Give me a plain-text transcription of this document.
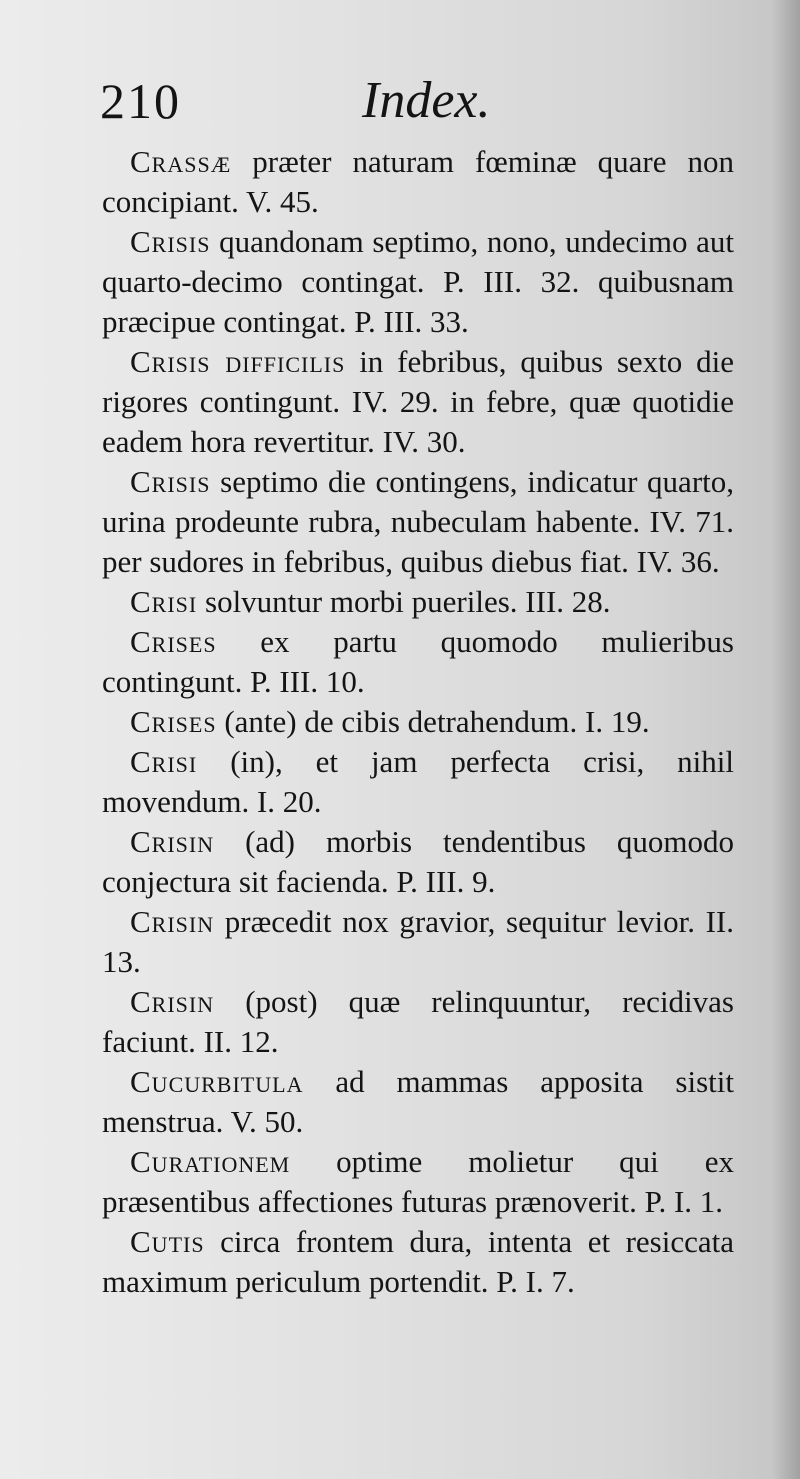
210	Index.

Crassæ præter naturam fœminæ quare non concipiant. V. 45.

Crisis quandonam septimo, nono, undecimo aut quarto-decimo contingat. P. III. 32. quibusnam præcipue contingat. P. III. 33.

Crisis difficilis in febribus, quibus sexto die rigores contingunt. IV. 29. in febre, quæ quotidie eadem hora revertitur. IV. 30.

Crisis septimo die contingens, indicatur quarto, urina prodeunte rubra, nubeculam habente. IV. 71. per sudores in febribus, quibus diebus fiat. IV. 36.

Crisi solvuntur morbi pueriles. III. 28.

Crises ex partu quomodo mulieribus contingunt. P. III. 10.

Crises (ante) de cibis detrahendum. I. 19.

Crisi (in), et jam perfecta crisi, nihil movendum. I. 20.

Crisin (ad) morbis tendentibus quomodo conjectura sit facienda. P. III. 9.

Crisin præcedit nox gravior, sequitur levior. II. 13.

Crisin (post) quæ relinquuntur, recidivas faciunt. II. 12.

Cucurbitula ad mammas apposita sistit menstrua. V. 50.

Curationem optime molietur qui ex præsentibus affectiones futuras prænoverit. P. I. 1.

Cutis circa frontem dura, intenta et resiccata maximum periculum portendit. P. I. 7.
